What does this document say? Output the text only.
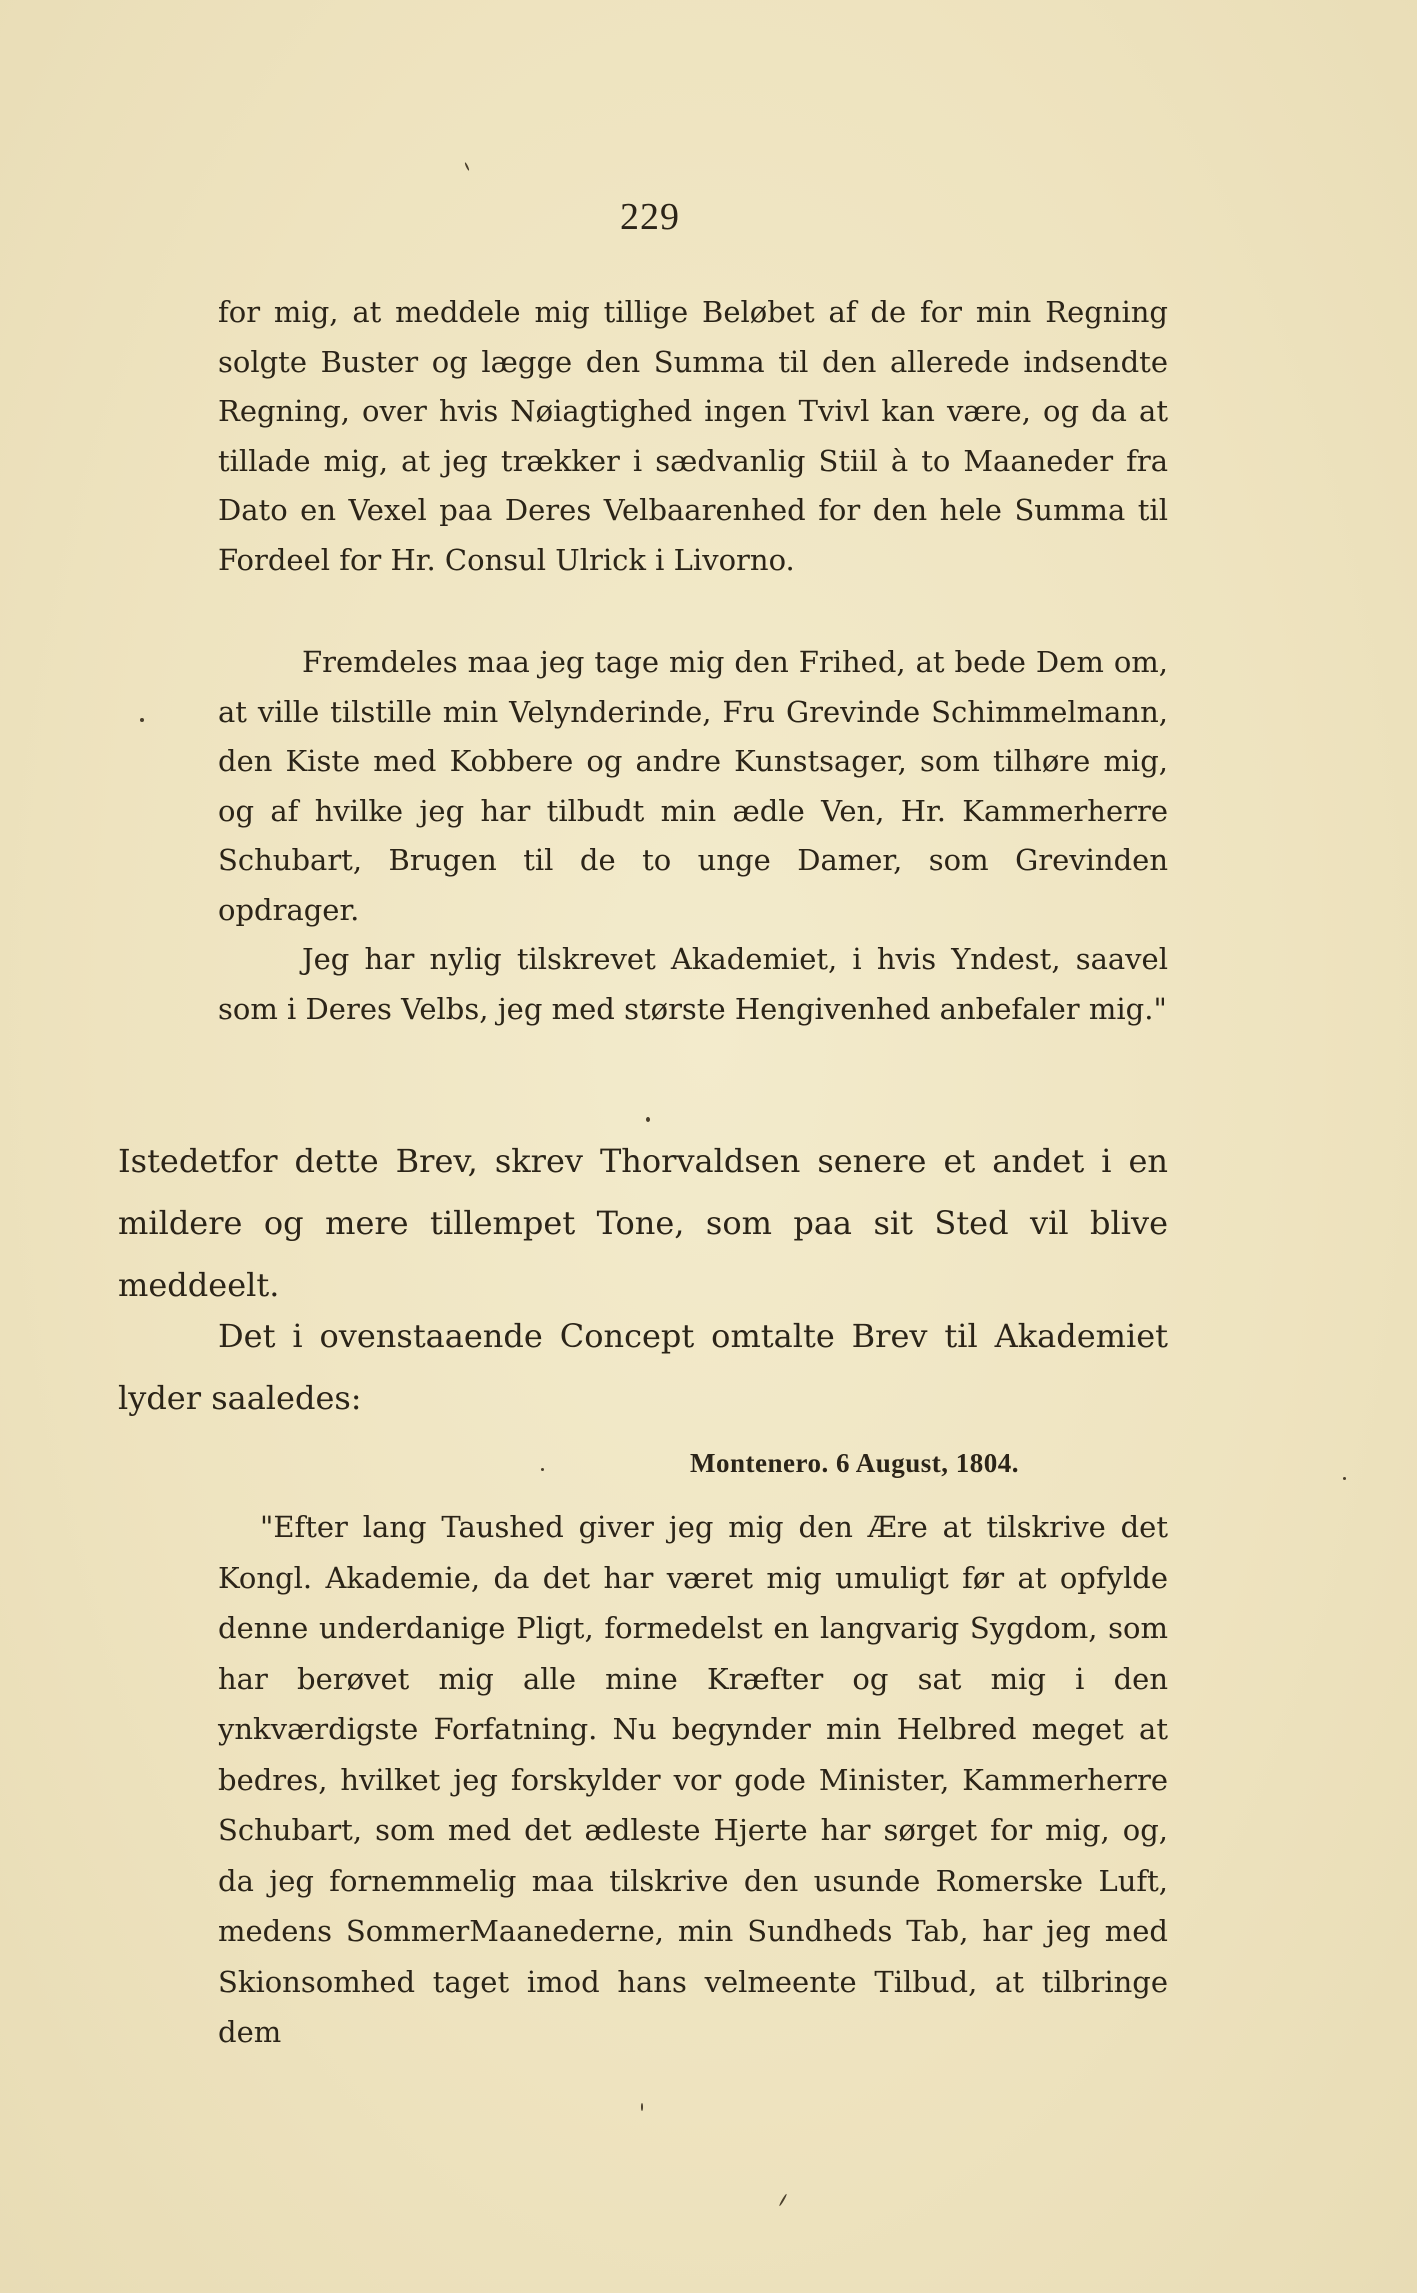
229

for mig, at meddele mig tillige Beløbet af de for min Regning solgte Buster og lægge den Summa til den allerede indsendte Regning, over hvis Nøiagtighed ingen Tvivl kan være, og da at tillade mig, at jeg trækker i sædvanlig Stiil à to Maaneder fra Dato en Vexel paa Deres Velbaarenhed for den hele Summa til Fordeel for Hr. Consul Ulrick i Livorno.

Fremdeles maa jeg tage mig den Frihed, at bede Dem om, at ville tilstille min Velynderinde, Fru Grevinde Schimmelmann, den Kiste med Kobbere og andre Kunstsager, som tilhøre mig, og af hvilke jeg har tilbudt min ædle Ven, Hr. Kammerherre Schubart, Brugen til de to unge Damer, som Grevinden opdrager.

Jeg har nylig tilskrevet Akademiet, i hvis Yndest, saavel som i Deres Velbs, jeg med største Hengivenhed anbefaler mig."

Istedetfor dette Brev, skrev Thorvaldsen senere et andet i en mildere og mere tillempet Tone, som paa sit Sted vil blive meddeelt.

Det i ovenstaaende Concept omtalte Brev til Akademiet lyder saaledes:

Montenero. 6 August, 1804.

"Efter lang Taushed giver jeg mig den Ære at tilskrive det Kongl. Akademie, da det har været mig umuligt før at opfylde denne underdanige Pligt, formedelst en langvarig Sygdom, som har berøvet mig alle mine Kræfter og sat mig i den ynkværdigste Forfatning. Nu begynder min Helbred meget at bedres, hvilket jeg forskylder vor gode Minister, Kammerherre Schubart, som med det ædleste Hjerte har sørget for mig, og, da jeg fornemmelig maa tilskrive den usunde Romerske Luft, medens SommerMaanederne, min Sundheds Tab, har jeg med Skionsomhed taget imod hans velmeente Tilbud, at tilbringe dem
